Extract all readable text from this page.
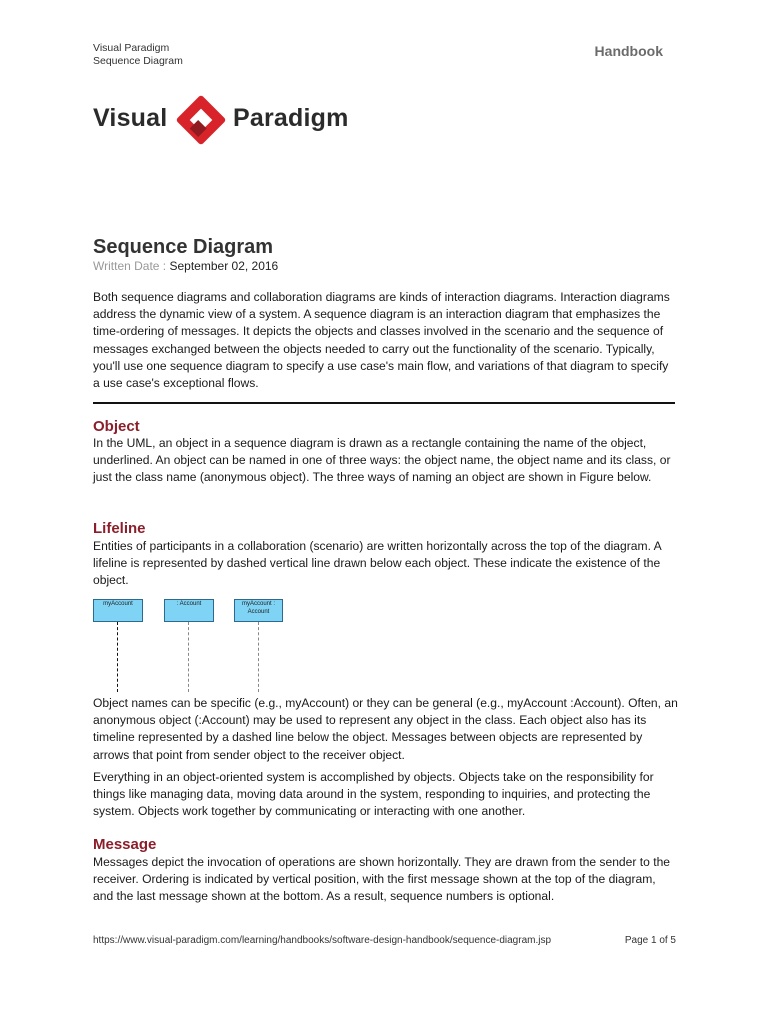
Visual Paradigm
Sequence Diagram
Handbook
Visual	Paradigm
Sequence Diagram
Written Date : September 02, 2016
Both sequence diagrams and collaboration diagrams are kinds of interaction diagrams. Interaction diagrams address the dynamic view of a system. A sequence diagram is an interaction diagram that emphasizes the time-ordering of messages. It depicts the objects and classes involved in the scenario and the sequence of messages exchanged between the objects needed to carry out the functionality of the scenario. Typically, you'll use one sequence diagram to specify a use case's main flow, and variations of that diagram to specify a use case's exceptional flows.
Object
In the UML, an object in a sequence diagram is drawn as a rectangle containing the name of the object, underlined. An object can be named in one of three ways: the object name, the object name and its class, or just the class name (anonymous object). The three ways of naming an object are shown in Figure below.
Lifeline
Entities of participants in a collaboration (scenario) are written horizontally across the top of the diagram. A lifeline is represented by dashed vertical line drawn below each object. These indicate the existence of the object.
myAccount	: Account	myAccount :
Account
Object names can be specific (e.g., myAccount) or they can be general (e.g., myAccount :Account). Often, an anonymous object (:Account) may be used to represent any object in the class. Each object also has its timeline represented by a dashed line below the object. Messages between objects are represented by arrows that point from sender object to the receiver object.
Everything in an object-oriented system is accomplished by objects. Objects take on the responsibility for things like managing data, moving data around in the system, responding to inquiries, and protecting the system. Objects work together by communicating or interacting with one another.
Message
Messages depict the invocation of operations are shown horizontally. They are drawn from the sender to the receiver. Ordering is indicated by vertical position, with the first message shown at the top of the diagram, and the last message shown at the bottom. As a result, sequence numbers is optional.
https://www.visual-paradigm.com/learning/handbooks/software-design-handbook/sequence-diagram.jsp	Page 1 of 5
